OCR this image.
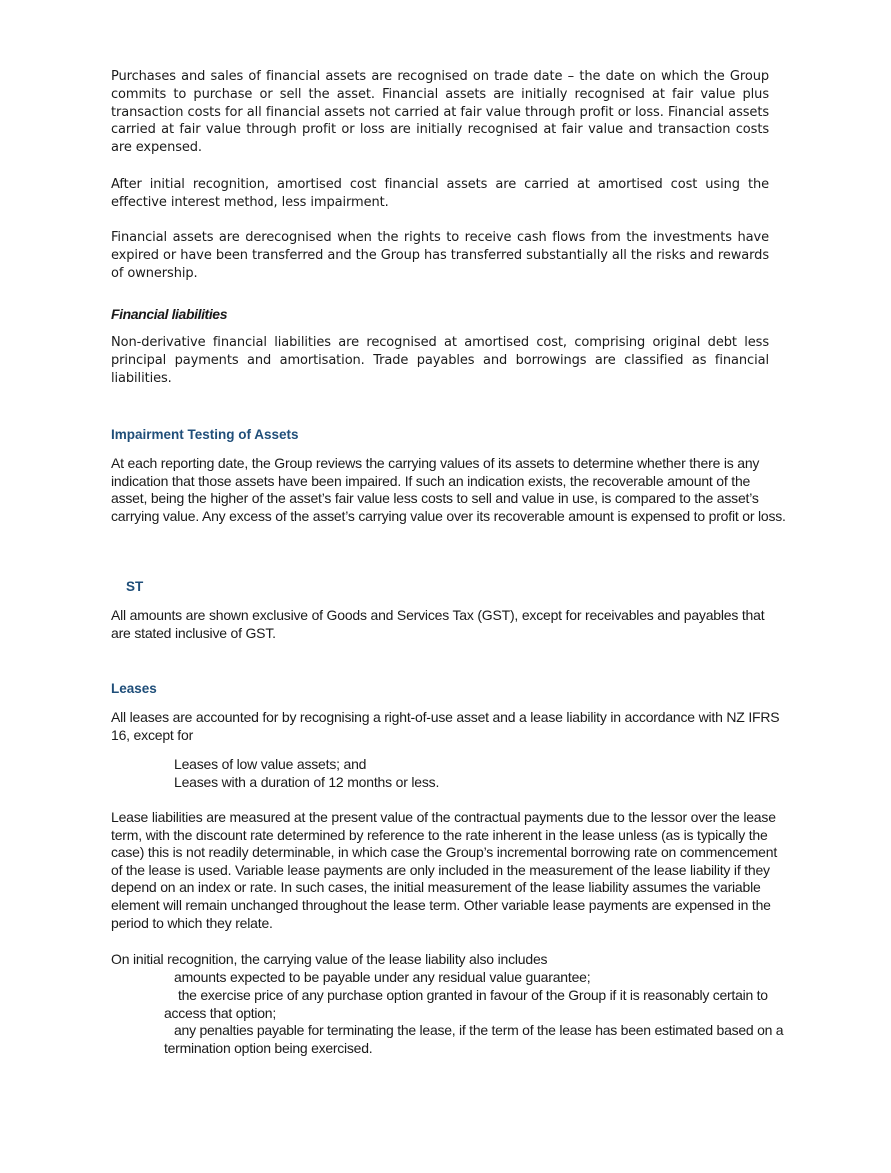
Purchases and sales of financial assets are recognised on trade date – the date on which the Group commits to purchase or sell the asset. Financial assets are initially recognised at fair value plus transaction costs for all financial assets not carried at fair value through profit or loss. Financial assets carried at fair value through profit or loss are initially recognised at fair value and transaction costs are expensed.

After initial recognition, amortised cost financial assets are carried at amortised cost using the effective interest method, less impairment.

Financial assets are derecognised when the rights to receive cash flows from the investments have expired or have been transferred and the Group has transferred substantially all the risks and rewards of ownership.

Financial liabilities

Non-derivative financial liabilities are recognised at amortised cost, comprising original debt less principal payments and amortisation. Trade payables and borrowings are classified as financial liabilities.

Impairment Testing of Assets

At each reporting date, the Group reviews the carrying values of its assets to determine whether there is any indication that those assets have been impaired. If such an indication exists, the recoverable amount of the asset, being the higher of the asset’s fair value less costs to sell and value in use, is compared to the asset’s carrying value. Any excess of the asset’s carrying value over its recoverable amount is expensed to profit or loss.

ST

All amounts are shown exclusive of Goods and Services Tax (GST), except for receivables and payables that are stated inclusive of GST.

Leases

All leases are accounted for by recognising a right-of-use asset and a lease liability in accordance with NZ IFRS 16, except for

Leases of low value assets; and

Leases with a duration of 12 months or less.

Lease liabilities are measured at the present value of the contractual payments due to the lessor over the lease term, with the discount rate determined by reference to the rate inherent in the lease unless (as is typically the case) this is not readily determinable, in which case the Group’s incremental borrowing rate on commencement of the lease is used. Variable lease payments are only included in the measurement of the lease liability if they depend on an index or rate. In such cases, the initial measurement of the lease liability assumes the variable element will remain unchanged throughout the lease term. Other variable lease payments are expensed in the period to which they relate.

On initial recognition, the carrying value of the lease liability also includes

amounts expected to be payable under any residual value guarantee;

the exercise price of any purchase option granted in favour of the Group if it is reasonably certain to access that option;

any penalties payable for terminating the lease, if the term of the lease has been estimated based on a termination option being exercised.
